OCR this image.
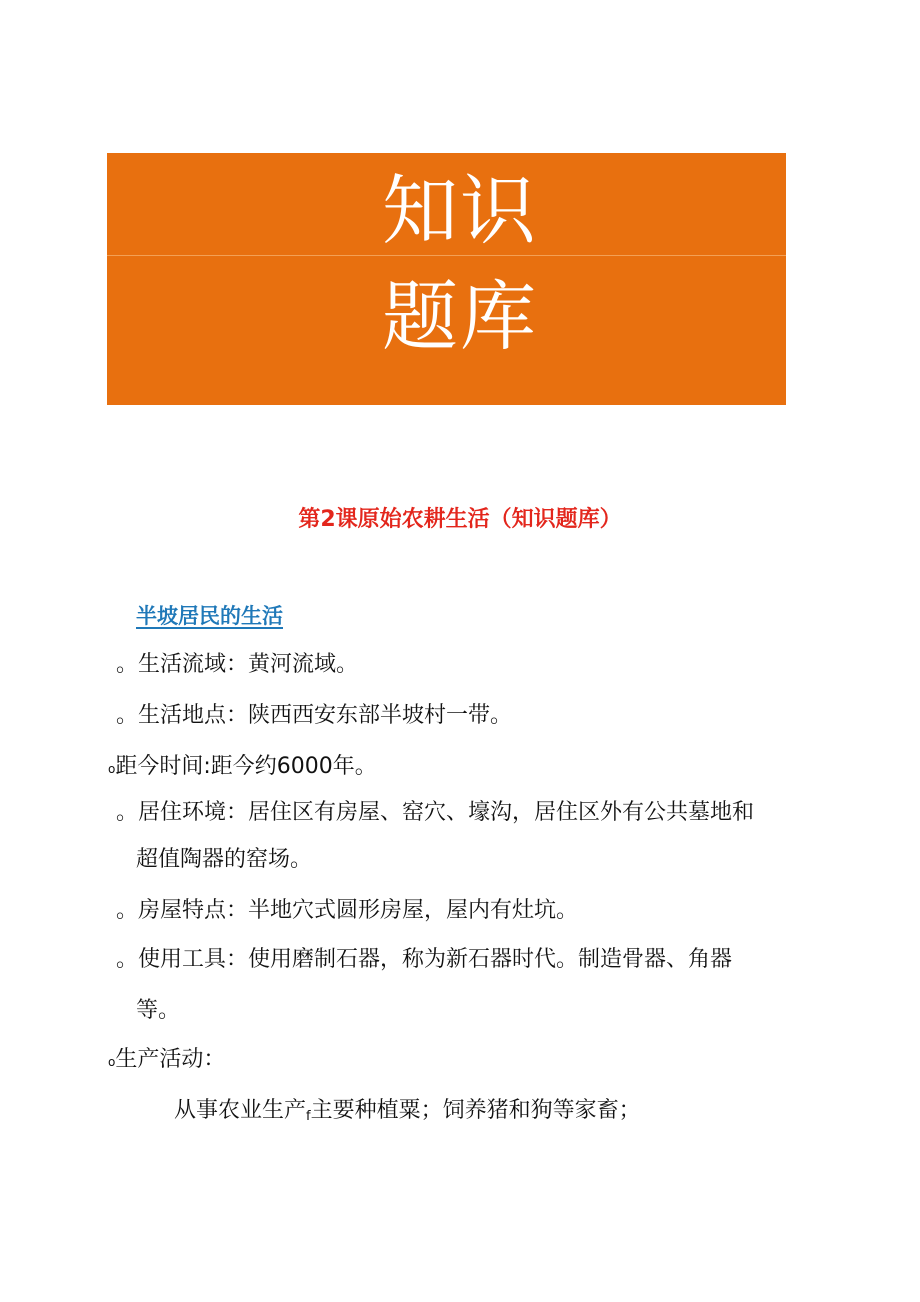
知识
题库
第2课原始农耕生活（知识题库）
半坡居民的生活
。生活流域：黄河流域。
。生活地点：陕西西安东部半坡村一带。
o距今时间:距今约6000年。
。居住环境：居住区有房屋、窑穴、壕沟，居住区外有公共墓地和
超值陶器的窑场。
。房屋特点：半地穴式圆形房屋，屋内有灶坑。
。使用工具：使用磨制石器，称为新石器时代。制造骨器、角器
等。
o生产活动：
从事农业生产f主要种植粟；饲养猪和狗等家畜；
